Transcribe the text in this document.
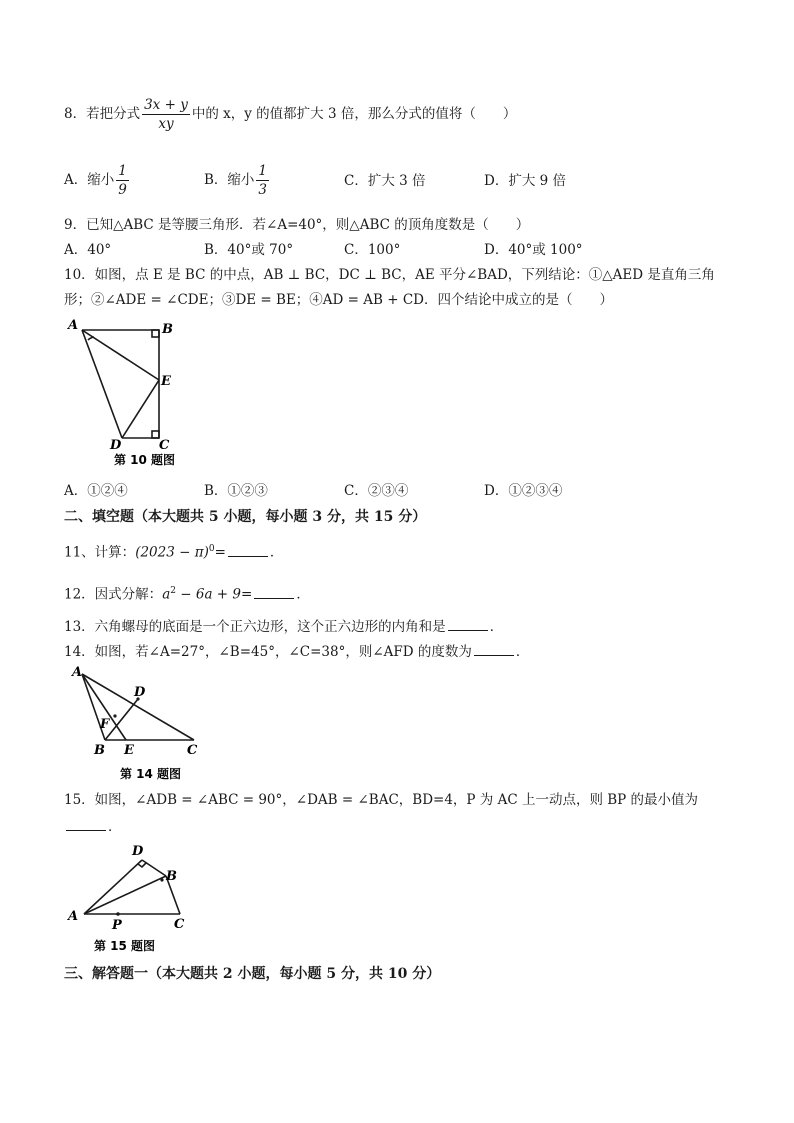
8．若把分式 $\frac{3x + y}{xy}$ 中的 x，y 的值都扩大 3 倍，那么分式的值将（　　）
A．缩小 $\frac{1}{9}$	B．缩小 $\frac{1}{3}$	C．扩大 3 倍	D．扩大 9 倍
9．已知△ABC 是等腰三角形．若∠A=40°，则△ABC 的顶角度数是（　　）
A．40°	B．40°或 70°	C．100°	D．40°或 100°
10．如图，点 E 是 BC 的中点，AB ⊥ BC，DC ⊥ BC，AE 平分∠BAD，下列结论：①△AED 是直角三角
形；②∠ADE = ∠CDE；③DE = BE；④AD = AB + CD．四个结论中成立的是（　　）
A	B
E
D	C
第 10 题图
A．①②④	B．①②③	C．②③④	D．①②③④
二、填空题（本大题共 5 小题，每小题 3 分，共 15 分）
11、计算：$(2023 - \pi)^0=$	．
12．因式分解：$a^2 - 6a + 9=$	．
13．六角螺母的底面是一个正六边形，这个正六边形的内角和是	．
14．如图，若∠A=27°，∠B=45°，∠C=38°，则∠AFD 的度数为	．
A
D
F
B E	C
第 14 题图
15．如图，∠ADB = ∠ABC = 90°，∠DAB = ∠BAC，BD=4，P 为 AC 上一动点，则 BP 的最小值为
．
D
B
A
P	C
第 15 题图
三、解答题一（本大题共 2 小题，每小题 5 分，共 10 分）
